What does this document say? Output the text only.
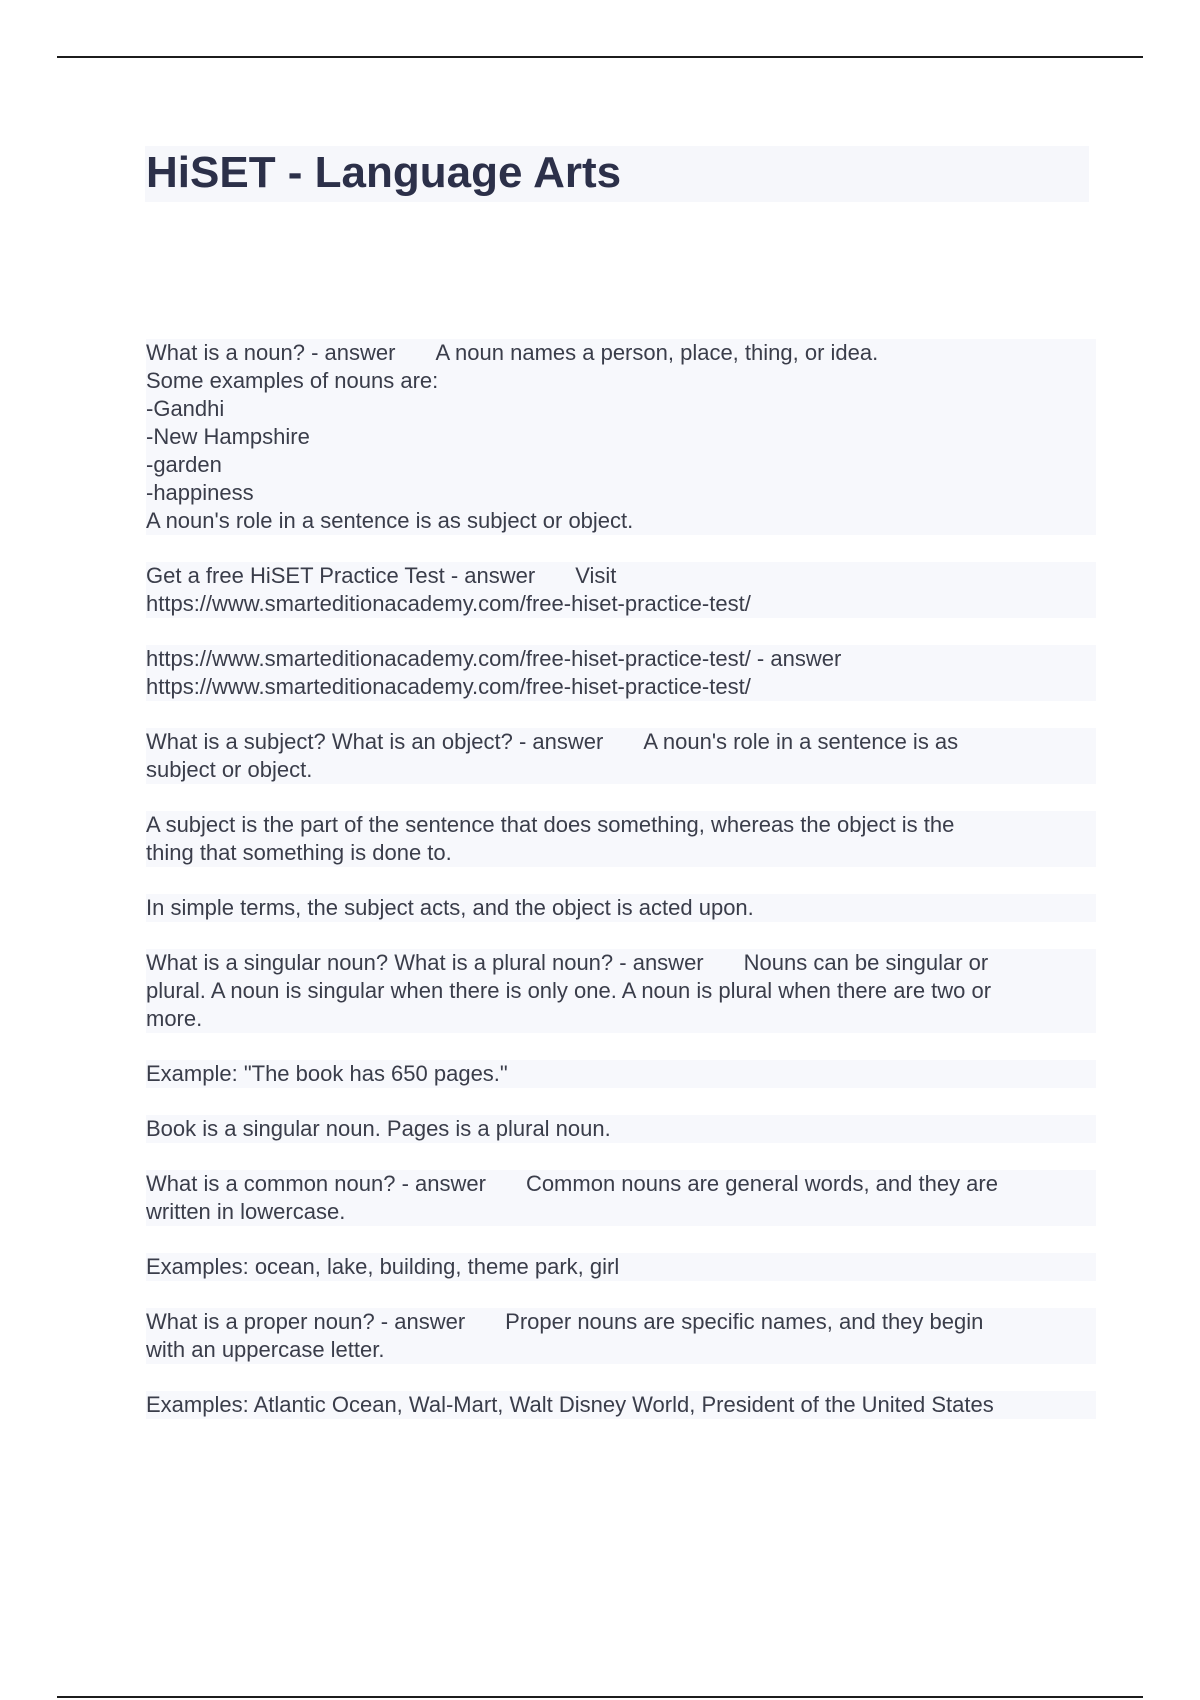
HiSET - Language Arts
What is a noun? - answer A noun names a person, place, thing, or idea.
Some examples of nouns are:
-Gandhi
-New Hampshire
-garden
-happiness
A noun's role in a sentence is as subject or object.
Get a free HiSET Practice Test - answer Visit
https://www.smarteditionacademy.com/free-hiset-practice-test/
https://www.smarteditionacademy.com/free-hiset-practice-test/ - answer
https://www.smarteditionacademy.com/free-hiset-practice-test/
What is a subject? What is an object? - answer A noun's role in a sentence is as
subject or object.
A subject is the part of the sentence that does something, whereas the object is the
thing that something is done to.
In simple terms, the subject acts, and the object is acted upon.
What is a singular noun? What is a plural noun? - answer Nouns can be singular or
plural. A noun is singular when there is only one. A noun is plural when there are two or
more.
Example: "The book has 650 pages."
Book is a singular noun. Pages is a plural noun.
What is a common noun? - answer Common nouns are general words, and they are
written in lowercase.
Examples: ocean, lake, building, theme park, girl
What is a proper noun? - answer Proper nouns are specific names, and they begin
with an uppercase letter.
Examples: Atlantic Ocean, Wal-Mart, Walt Disney World, President of the United States
